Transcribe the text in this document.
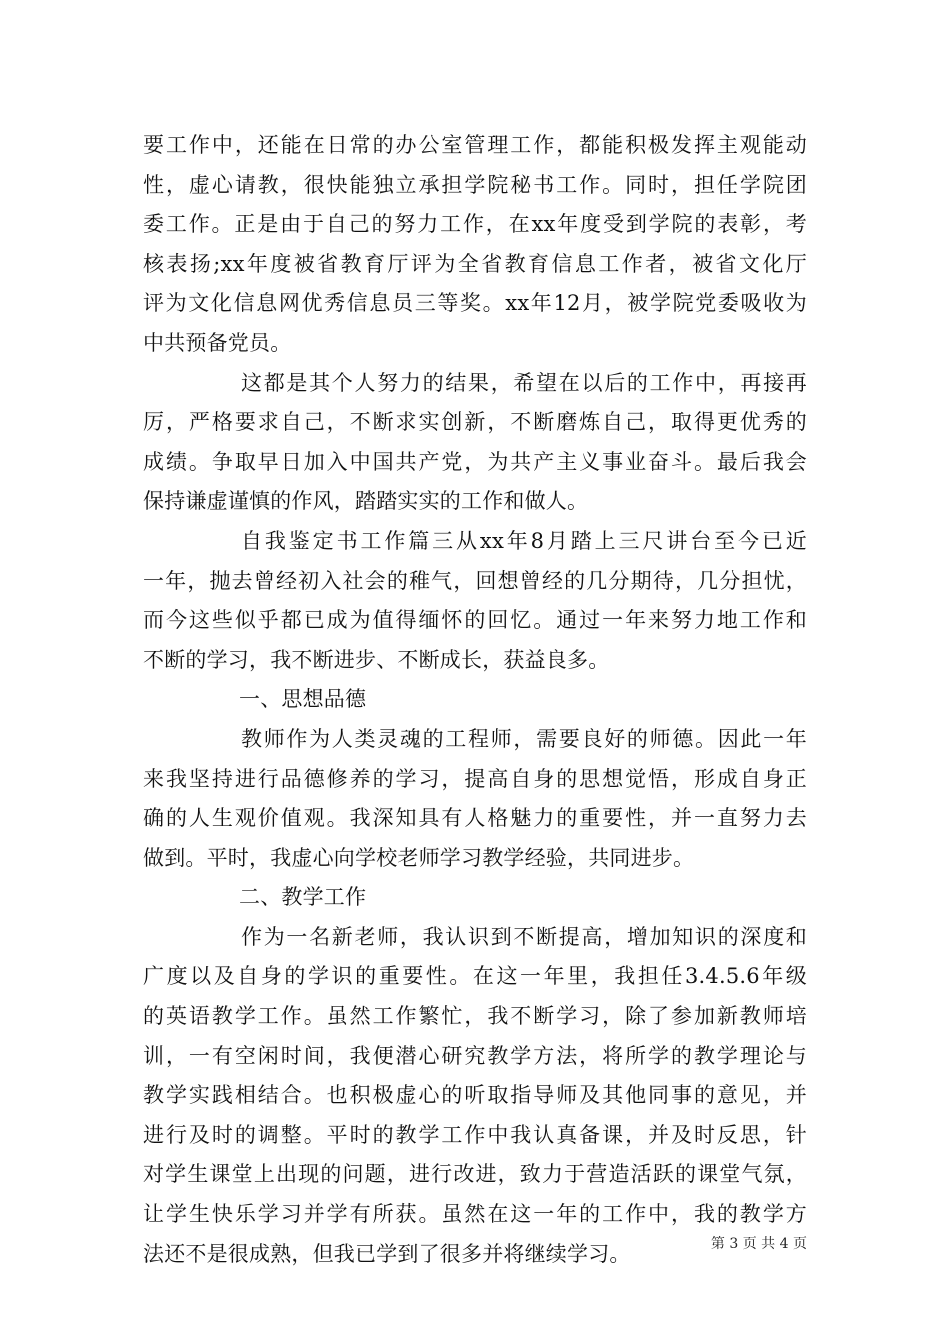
要工作中，还能在日常的办公室管理工作，都能积极发挥主观能动
性，虚心请教，很快能独立承担学院秘书工作。同时，担任学院团
委工作。正是由于自己的努力工作，在xx年度受到学院的表彰，考
核表扬;xx年度被省教育厅评为全省教育信息工作者，被省文化厅
评为文化信息网优秀信息员三等奖。xx年12月，被学院党委吸收为
中共预备党员。
这都是其个人努力的结果，希望在以后的工作中，再接再
厉，严格要求自己，不断求实创新，不断磨炼自己，取得更优秀的
成绩。争取早日加入中国共产党，为共产主义事业奋斗。最后我会
保持谦虚谨慎的作风，踏踏实实的工作和做人。
自我鉴定书工作篇三从xx年8月踏上三尺讲台至今已近
一年，抛去曾经初入社会的稚气，回想曾经的几分期待，几分担忧，
而今这些似乎都已成为值得缅怀的回忆。通过一年来努力地工作和
不断的学习，我不断进步、不断成长，获益良多。
一、思想品德
教师作为人类灵魂的工程师，需要良好的师德。因此一年
来我坚持进行品德修养的学习，提高自身的思想觉悟，形成自身正
确的人生观价值观。我深知具有人格魅力的重要性，并一直努力去
做到。平时，我虚心向学校老师学习教学经验，共同进步。
二、教学工作
作为一名新老师，我认识到不断提高，增加知识的深度和
广度以及自身的学识的重要性。在这一年里，我担任3.4.5.6年级
的英语教学工作。虽然工作繁忙，我不断学习，除了参加新教师培
训，一有空闲时间，我便潜心研究教学方法，将所学的教学理论与
教学实践相结合。也积极虚心的听取指导师及其他同事的意见，并
进行及时的调整。平时的教学工作中我认真备课，并及时反思，针
对学生课堂上出现的问题，进行改进，致力于营造活跃的课堂气氛，
让学生快乐学习并学有所获。虽然在这一年的工作中，我的教学方
法还不是很成熟，但我已学到了很多并将继续学习。	第 3 页 共 4 页
